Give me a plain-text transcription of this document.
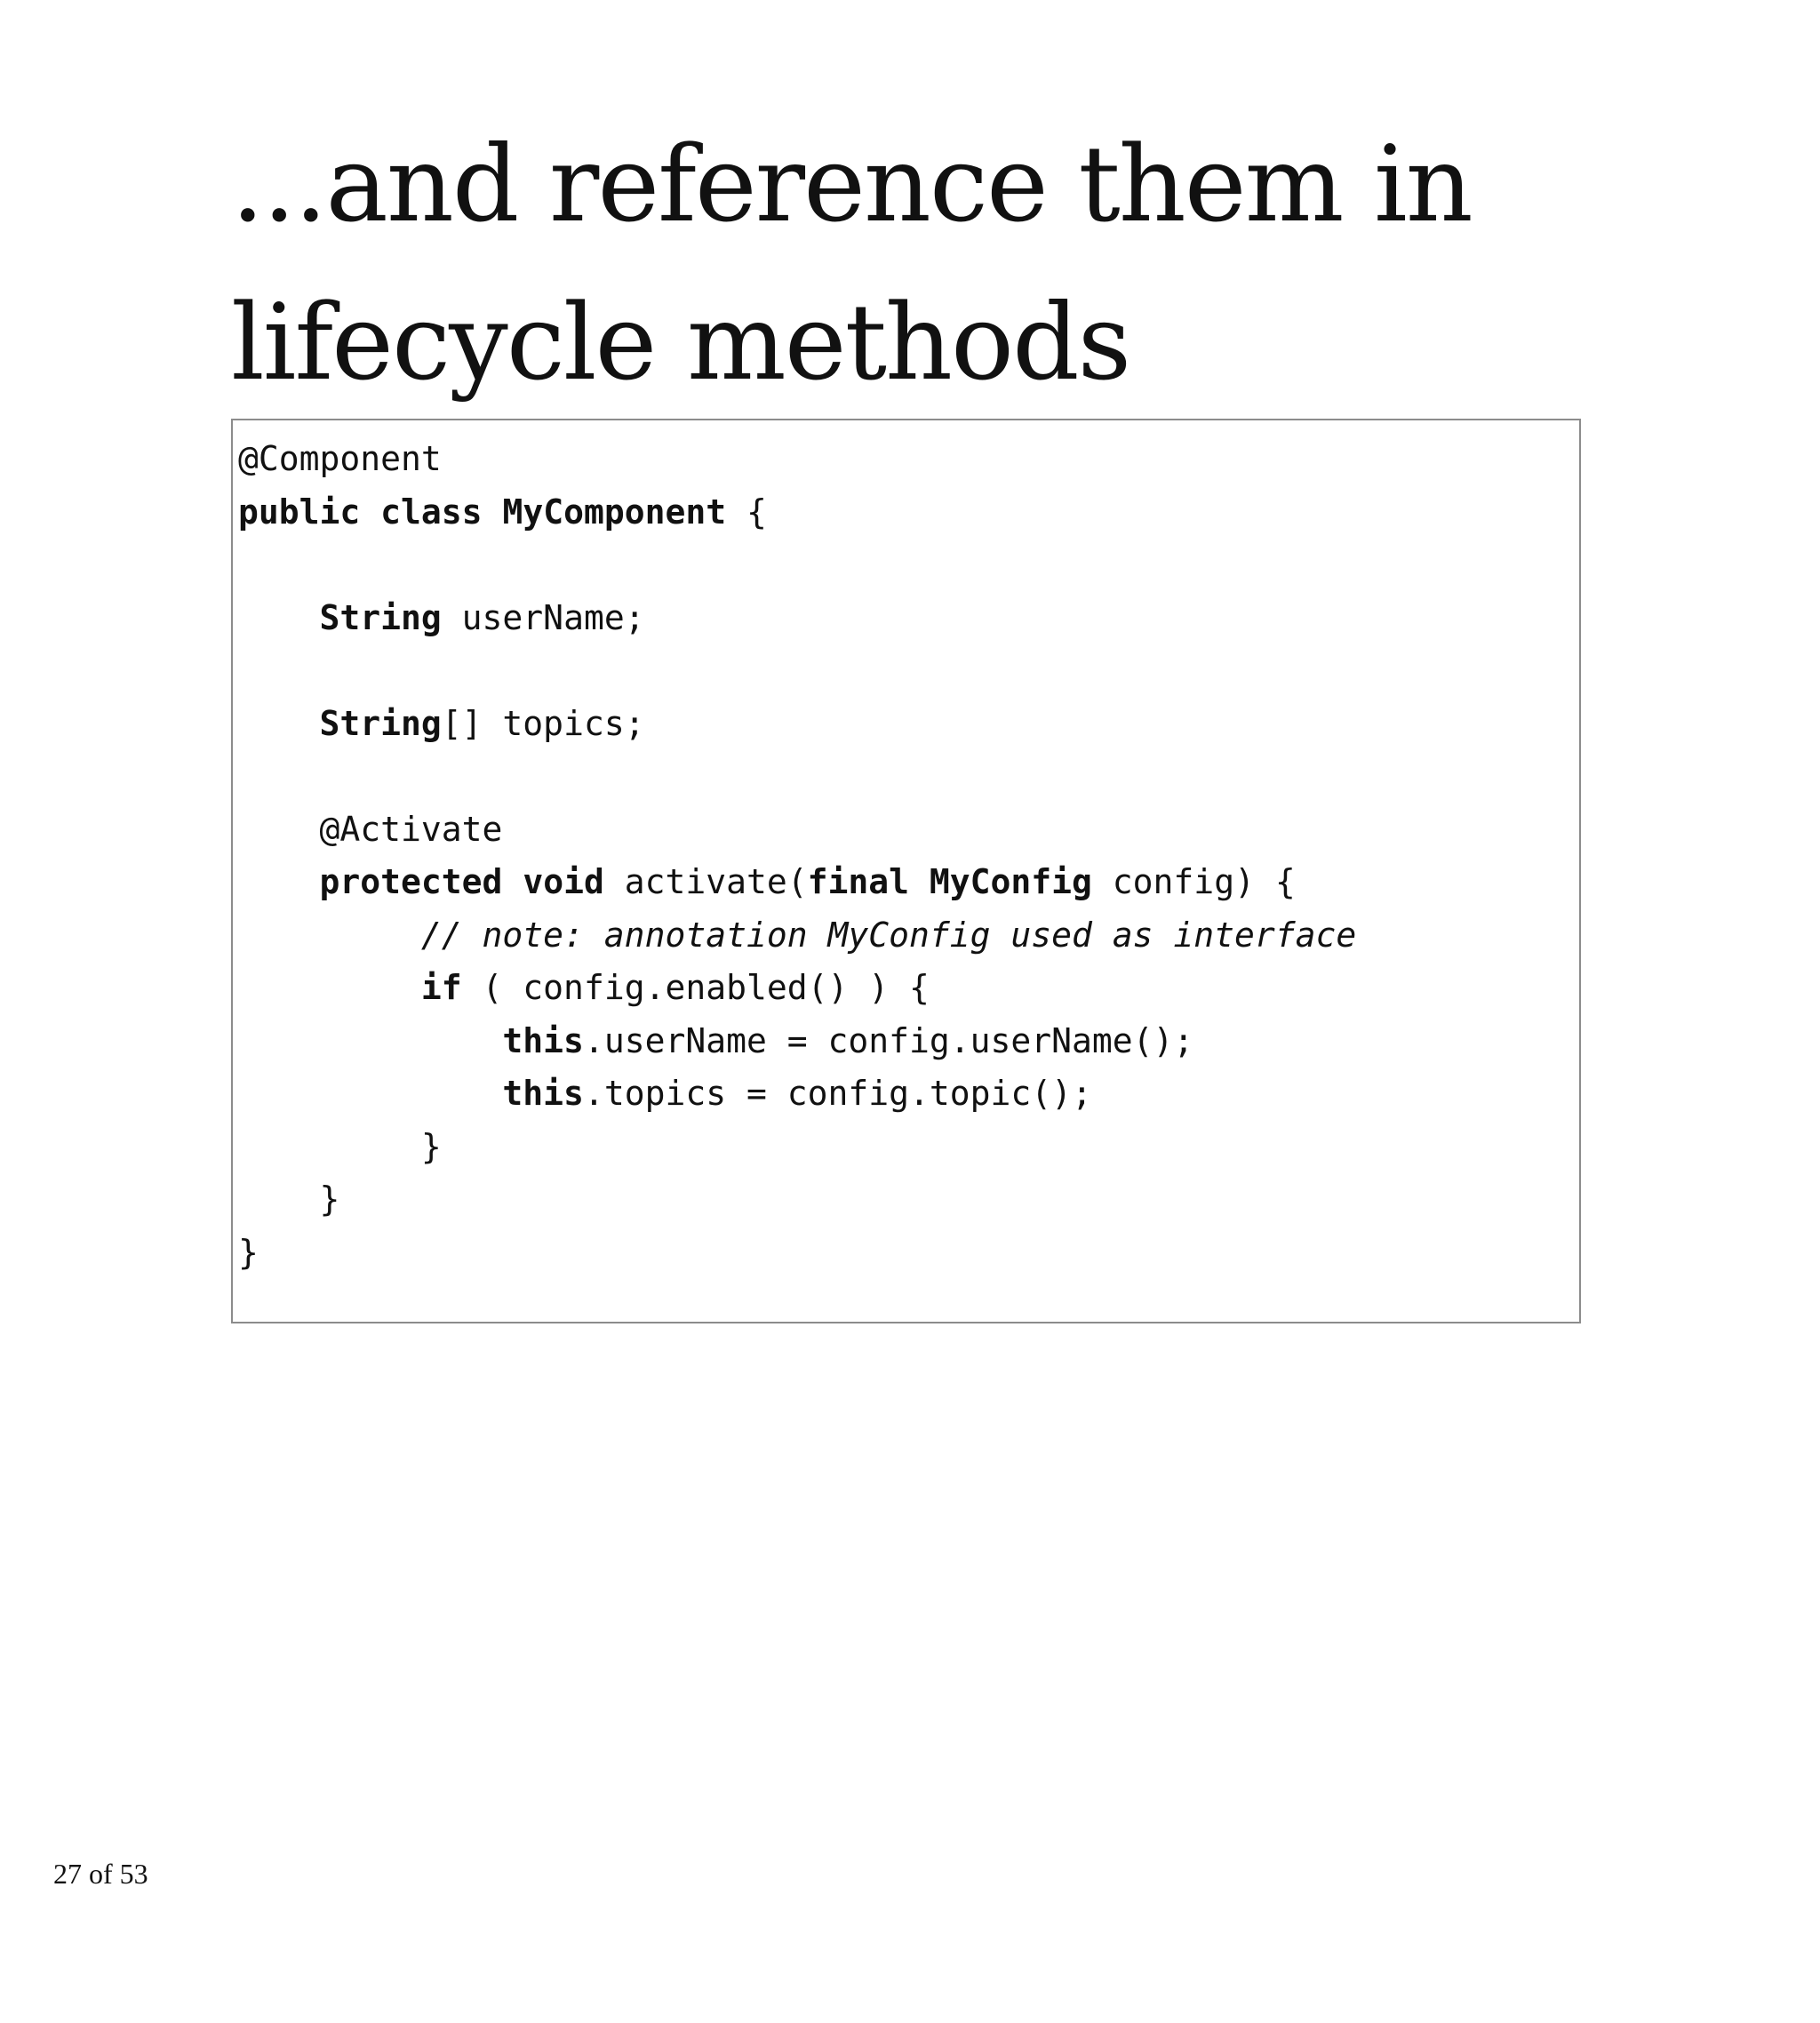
...and reference them in lifecycle methods
@Component
public class MyComponent {
String userName;
String[] topics;
@Activate
protected void activate(final MyConfig config) {
// note: annotation MyConfig used as interface
if ( config.enabled() ) {
this.userName = config.userName();
this.topics = config.topic();
}
}
}
27 of 53
